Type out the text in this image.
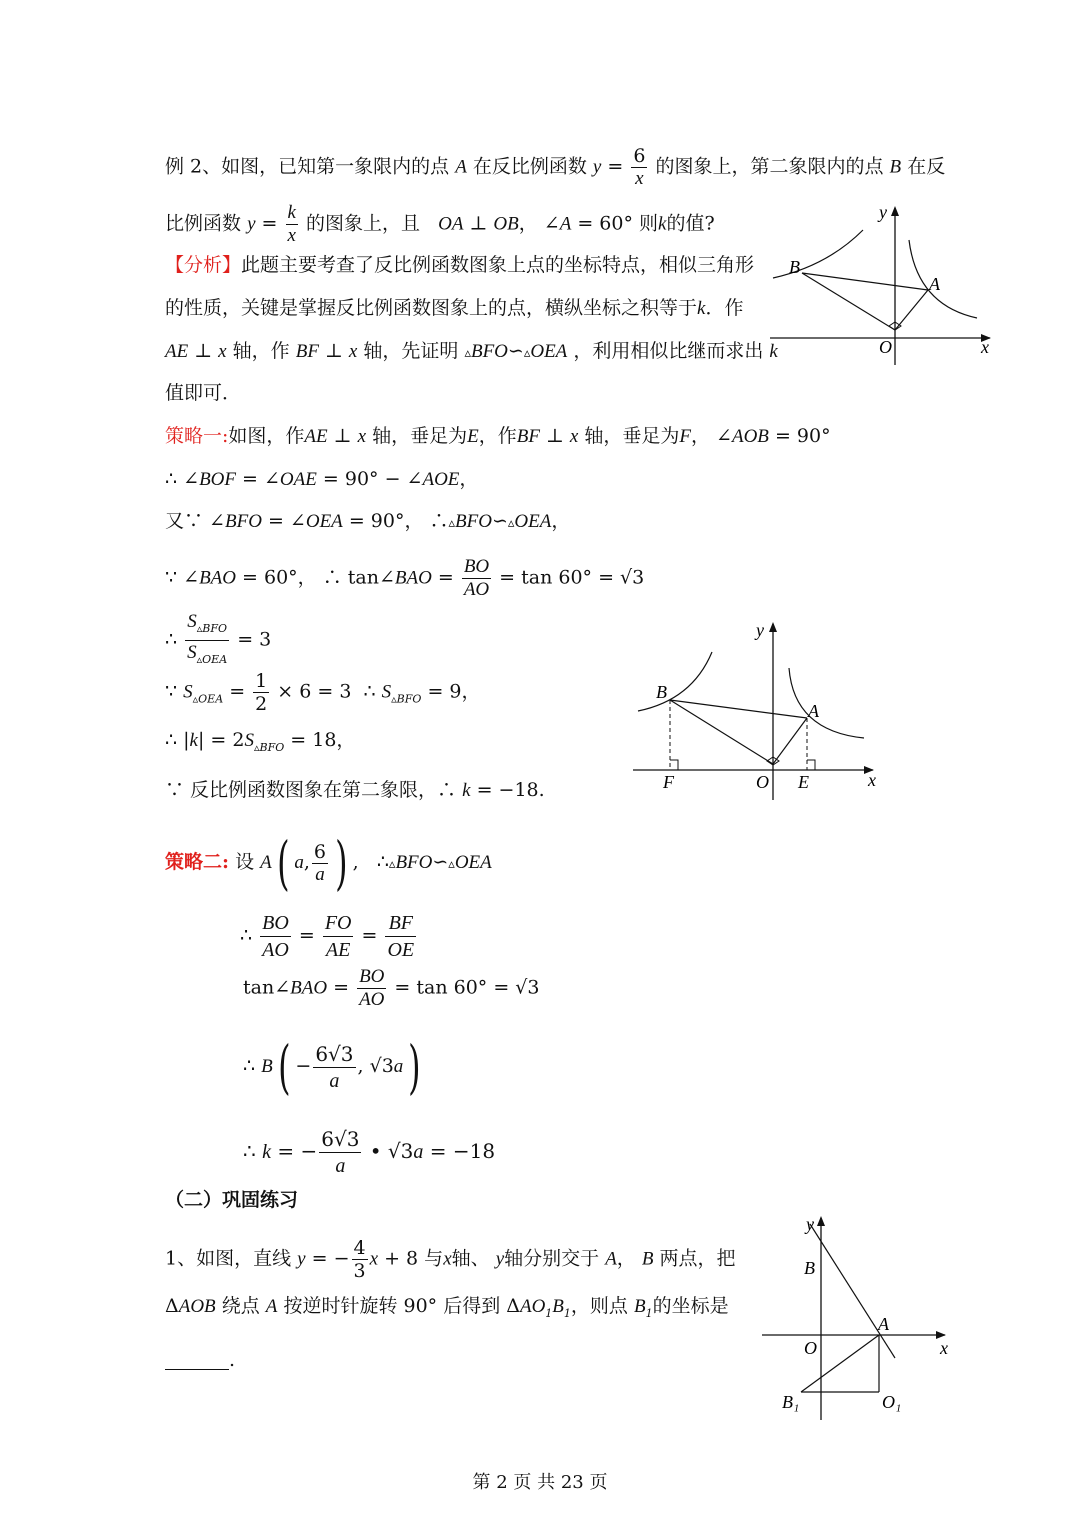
例 2、如图，已知第一象限内的点 A 在反比例函数 $y = \frac{6}{x}$ 的图象上，第二象限内的点 B 在反
比例函数 $y = \frac{k}{x}$ 的图象上，且 OA ⊥ OB， ∠A = 60° 则k的值?
【分析】此题主要考查了反比例函数图象上点的坐标特点，相似三角形
的性质，关键是掌握反比例函数图象上的点，横纵坐标之积等于k．作
AE ⊥ x 轴，作 BF ⊥ x 轴，先证明 ▵BFO∽▵OEA ，利用相似比继而求出 k
值即可．
策略一:如图，作AE ⊥ x 轴，垂足为E，作BF ⊥ x 轴，垂足为F， ∠AOB = 90°
∴ ∠BOF = ∠OAE = 90° − ∠AOE，
又∵ ∠BFO = ∠OEA = 90°， ∴▵BFO∽▵OEA，
∵ ∠BAO = 60°， ∴ tan∠BAO = $\frac{BO}{AO} = \tan 60^\circ = √3$
∴ $\frac{S_{▵BFO}}{S_{▵OEA}} = 3$
∵ $S_{▵OEA} = \frac{1}{2} \times 6 = 3$  ∴ $S_{▵BFO} = 9$，
∴ $|k| = 2S_{▵BFO} = 18$，
∵ 反比例函数图象在第二象限，∴ k = −18.
策略二: 设 A( a, $\frac{6}{a}$ ) ,   ∴▵BFO∽▵OEA
∴ $\frac{BO}{AO} = \frac{FO}{AE} = \frac{BF}{OE}$
tan∠BAO = $\frac{BO}{AO} = \tan 60^\circ = √3$
∴ $B( - \frac{6√3}{a}$ , √3a)
∴ k = − $\frac{6√3}{a}$ • √3a = −18
（二）巩固练习
1、如图，直线 y = − $\frac{4}{3}$ x + 8 与x轴、 y轴分别交于 A， B 两点，把
ΔAOB 绕点 A 按逆时针旋转 90° 后得到 $\Delta AO_1B_1$，则点 $B_1$的坐标是
.
B
A
O	x
y
B
A
F	O E	x
y
y
B
A
O	x
B₁	O₁
第 2 页 共 23 页
